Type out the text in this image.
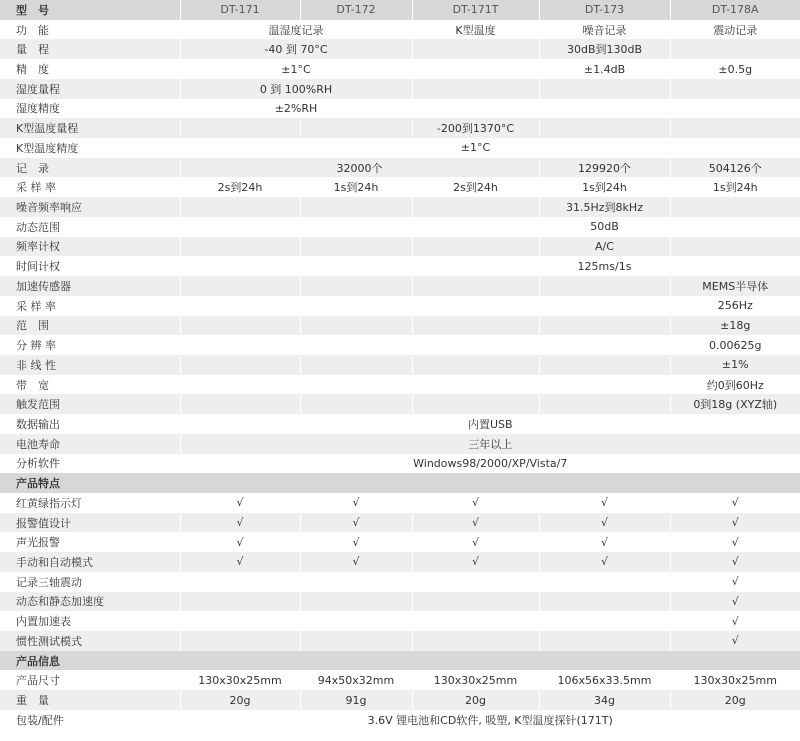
型　号	DT-171	DT-172	DT-171T	DT-173	DT-178A
功　能	温湿度记录		K型温度	噪音记录	震动记录
量　程	-40 到 70°C			30dB到130dB	
精　度	±1°C			±1.4dB	±0.5g
湿度量程	0 到 100%RH				
湿度精度	±2%RH				
K型温度量程			-200到1370°C		
K型温度精度			±1°C		
记　录	32000个			129920个	504126个
采 样 率	2s到24h	1s到24h	2s到24h	1s到24h	1s到24h
噪音频率响应				31.5Hz到8kHz	
动态范围				50dB	
频率计权				A/C	
时间计权				125ms/1s	
加速传感器					MEMS半导体
采 样 率					256Hz
范　围					±18g
分 辨 率					0.00625g
非 线 性					±1%
带　宽					约0到60Hz
触发范围					0到18g (XYZ轴)
数据输出	内置USB				
电池寿命	三年以上				
分析软件	Windows98/2000/XP/Vista/7				
产品特点					
红黄绿指示灯	√	√	√	√	√
报警值设计	√	√	√	√	√
声光报警	√	√	√	√	√
手动和自动模式	√	√	√	√	√
记录三轴震动					√
动态和静态加速度					√
内置加速表					√
惯性测试模式					√
产品信息					
产品尺寸	130x30x25mm	94x50x32mm	130x30x25mm	106x56x33.5mm	130x30x25mm
重　量	20g	91g	20g	34g	20g
包装/配件	3.6V 锂电池和CD软件, 吸塑, K型温度探针(171T)				
